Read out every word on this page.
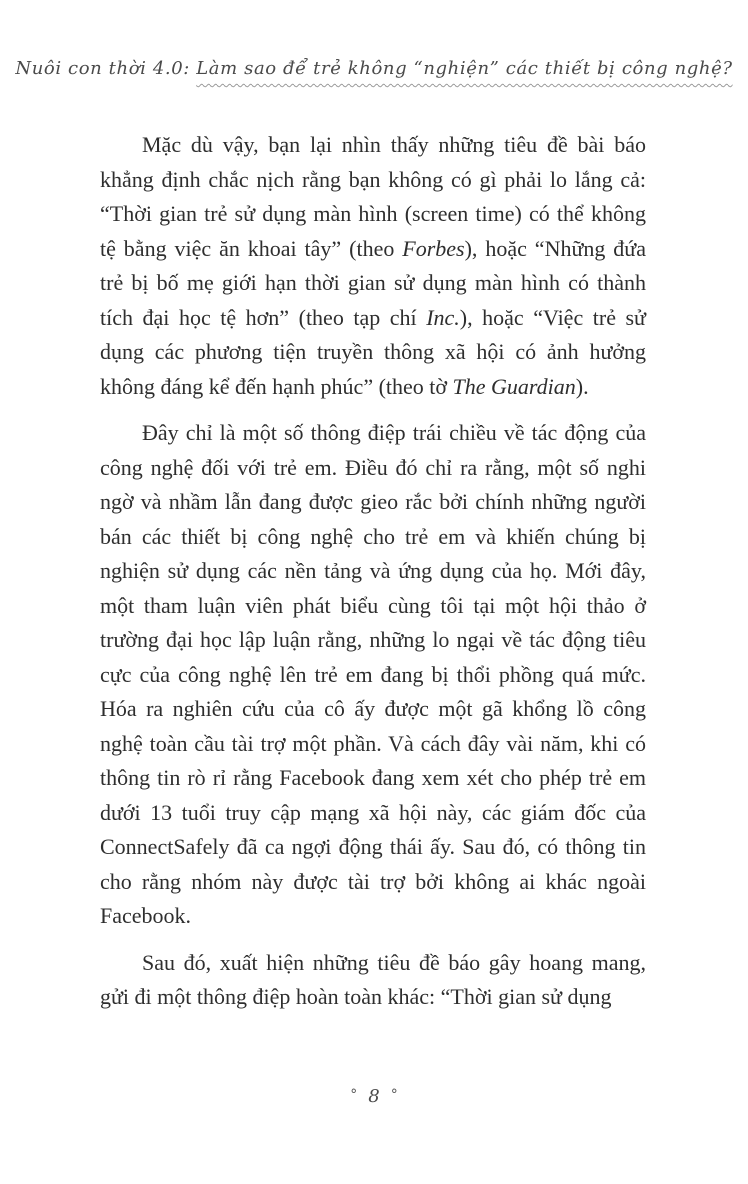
Nuôi con thời 4.0: Làm sao để trẻ không “nghiện” các thiết bị công nghệ?

Mặc dù vậy, bạn lại nhìn thấy những tiêu đề bài báo khẳng định chắc nịch rằng bạn không có gì phải lo lắng cả: “Thời gian trẻ sử dụng màn hình (screen time) có thể không tệ bằng việc ăn khoai tây” (theo Forbes), hoặc “Những đứa trẻ bị bố mẹ giới hạn thời gian sử dụng màn hình có thành tích đại học tệ hơn” (theo tạp chí Inc.), hoặc “Việc trẻ sử dụng các phương tiện truyền thông xã hội có ảnh hưởng không đáng kể đến hạnh phúc” (theo tờ The Guardian).

Đây chỉ là một số thông điệp trái chiều về tác động của công nghệ đối với trẻ em. Điều đó chỉ ra rằng, một số nghi ngờ và nhầm lẫn đang được gieo rắc bởi chính những người bán các thiết bị công nghệ cho trẻ em và khiến chúng bị nghiện sử dụng các nền tảng và ứng dụng của họ. Mới đây, một tham luận viên phát biểu cùng tôi tại một hội thảo ở trường đại học lập luận rằng, những lo ngại về tác động tiêu cực của công nghệ lên trẻ em đang bị thổi phồng quá mức. Hóa ra nghiên cứu của cô ấy được một gã khổng lồ công nghệ toàn cầu tài trợ một phần. Và cách đây vài năm, khi có thông tin rò rỉ rằng Facebook đang xem xét cho phép trẻ em dưới 13 tuổi truy cập mạng xã hội này, các giám đốc của ConnectSafely đã ca ngợi động thái ấy. Sau đó, có thông tin cho rằng nhóm này được tài trợ bởi không ai khác ngoài Facebook.

Sau đó, xuất hiện những tiêu đề báo gây hoang mang, gửi đi một thông điệp hoàn toàn khác: “Thời gian sử dụng

° 8 °
